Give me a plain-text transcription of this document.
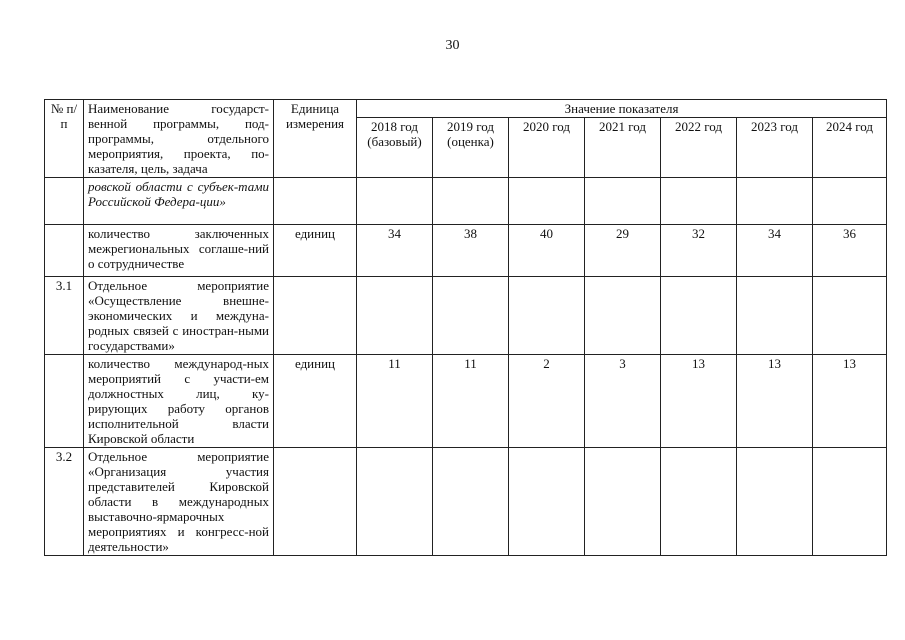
30
№ п/п	Наименование государст-венной программы, под-программы, отдельного мероприятия, проекта, по-казателя, цель, задача	Единица измерения	Значение показателя						
			2018 год (базовый)	2019 год (оценка)	2020 год	2021 год	2022 год	2023 год	2024 год
	ровской области с субъек-тами Российской Федера-ции»								
	количество заключенных межрегиональных соглаше-ний о сотрудничестве	единиц	34	38	40	29	32	34	36
3.1	Отдельное мероприятие «Осуществление внешне-экономических и междуна-родных связей с иностран-ными государствами»								
	количество международ-ных мероприятий с участи-ем должностных лиц, ку-рирующих работу органов исполнительной власти Кировской области	единиц	11	11	2	3	13	13	13
3.2	Отдельное мероприятие «Организация участия представителей Кировской области в международных выставочно-ярмарочных мероприятиях и конгресс-ной деятельности»								
